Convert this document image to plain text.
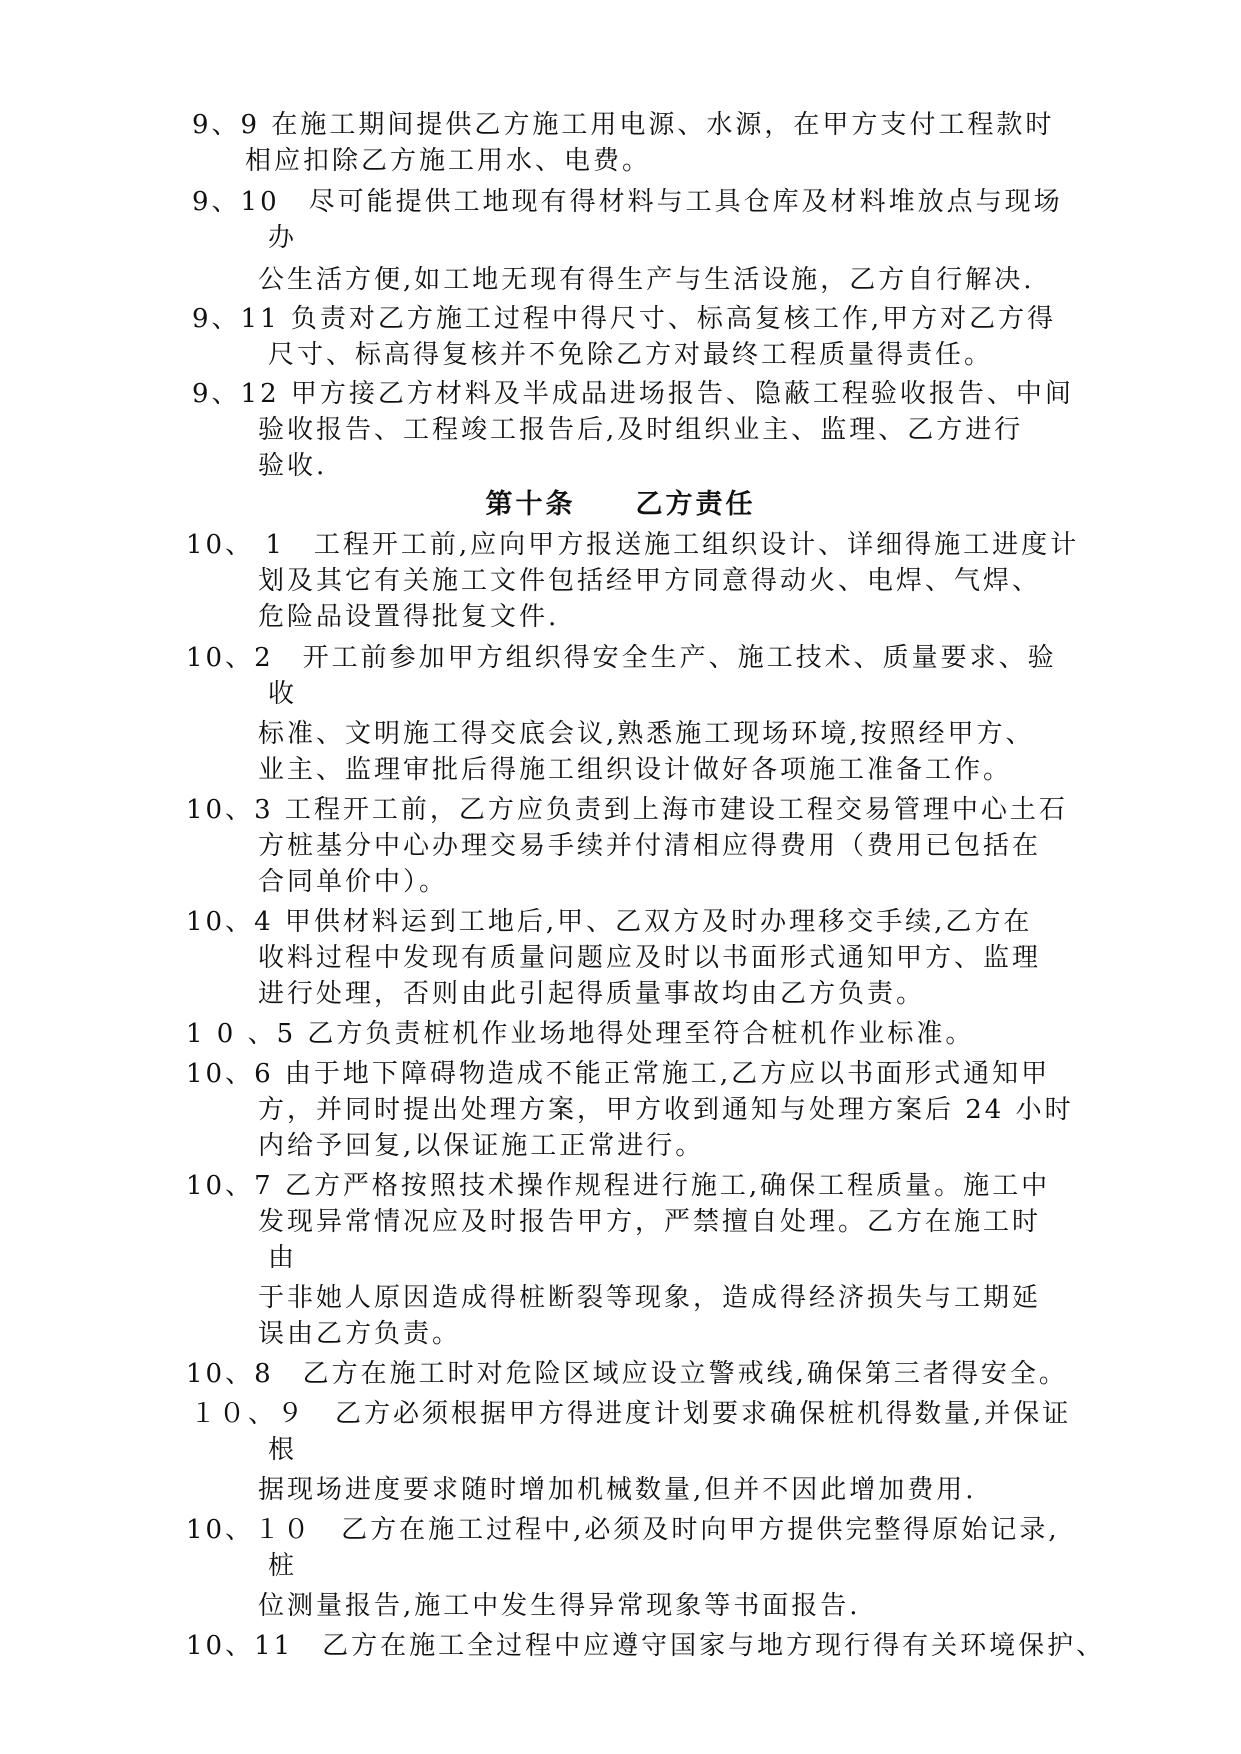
9、9 在施工期间提供乙方施工用电源、水源，在甲方支付工程款时
相应扣除乙方施工用水、电费。
9、10　尽可能提供工地现有得材料与工具仓库及材料堆放点与现场
办
公生活方便,如工地无现有得生产与生活设施，乙方自行解决.
9、11 负责对乙方施工过程中得尺寸、标高复核工作,甲方对乙方得
尺寸、标高得复核并不免除乙方对最终工程质量得责任。
9、12 甲方接乙方材料及半成品进场报告、隐蔽工程验收报告、中间
验收报告、工程竣工报告后,及时组织业主、监理、乙方进行
验收.
第十条　　乙方责任
10、 1　工程开工前,应向甲方报送施工组织设计、详细得施工进度计
划及其它有关施工文件包括经甲方同意得动火、电焊、气焊、
危险品设置得批复文件.
10、2　开工前参加甲方组织得安全生产、施工技术、质量要求、验
收
标准、文明施工得交底会议,熟悉施工现场环境,按照经甲方、
业主、监理审批后得施工组织设计做好各项施工准备工作。
10、3 工程开工前，乙方应负责到上海市建设工程交易管理中心土石
方桩基分中心办理交易手续并付清相应得费用（费用已包括在
合同单价中）。
10、4 甲供材料运到工地后,甲、乙双方及时办理移交手续,乙方在
收料过程中发现有质量问题应及时以书面形式通知甲方、监理
进行处理，否则由此引起得质量事故均由乙方负责。
1 0 、5 乙方负责桩机作业场地得处理至符合桩机作业标准。
10、6 由于地下障碍物造成不能正常施工,乙方应以书面形式通知甲
方，并同时提出处理方案，甲方收到通知与处理方案后 24 小时
内给予回复,以保证施工正常进行。
10、7 乙方严格按照技术操作规程进行施工,确保工程质量。施工中
发现异常情况应及时报告甲方，严禁擅自处理。乙方在施工时
由
于非她人原因造成得桩断裂等现象，造成得经济损失与工期延
误由乙方负责。
10、8　乙方在施工时对危险区域应设立警戒线,确保第三者得安全。
１０、９　乙方必须根据甲方得进度计划要求确保桩机得数量,并保证
根
据现场进度要求随时增加机械数量,但并不因此增加费用.
10、１０　乙方在施工过程中,必须及时向甲方提供完整得原始记录,
桩
位测量报告,施工中发生得异常现象等书面报告.
10、11　乙方在施工全过程中应遵守国家与地方现行得有关环境保护、
